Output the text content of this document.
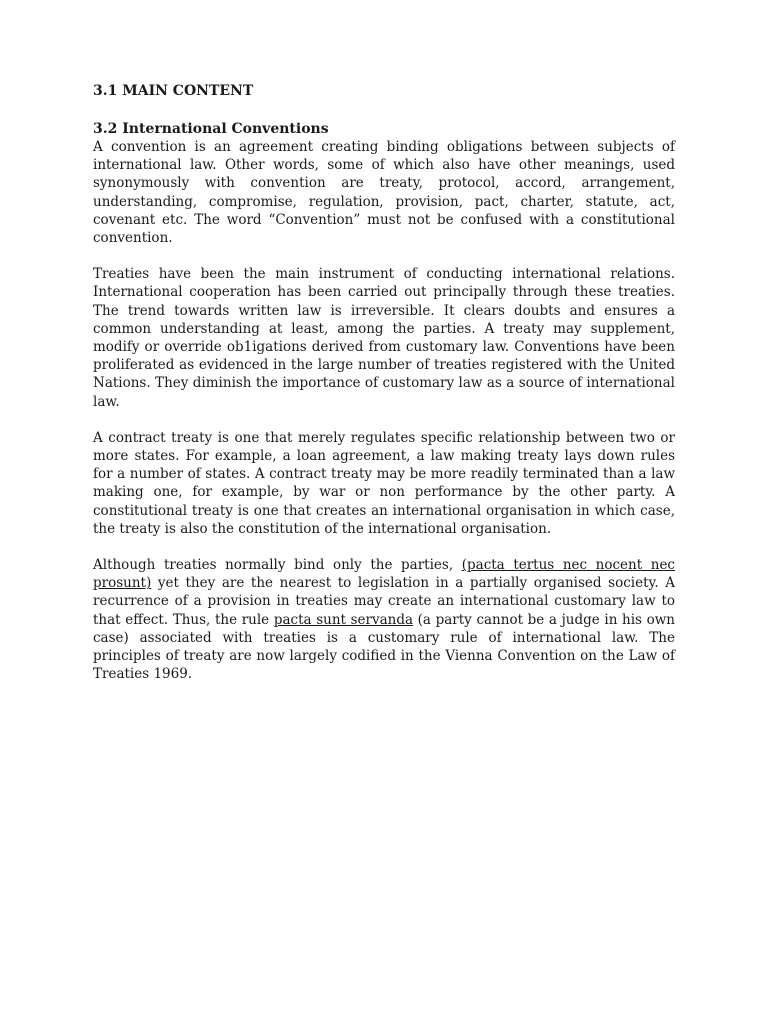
3.1 MAIN CONTENT

3.2 International Conventions

A convention is an agreement creating binding obligations between subjects of international law. Other words, some of which also have other meanings, used synonymously with convention are treaty, protocol, accord, arrangement, understanding, compromise, regulation, provision, pact, charter, statute, act, covenant etc. The word “Convention” must not be confused with a constitutional convention.

Treaties have been the main instrument of conducting international relations. International cooperation has been carried out principally through these treaties. The trend towards written law is irreversible. It clears doubts and ensures a common understanding at least, among the parties. A treaty may supplement, modify or override ob1igations derived from customary law. Conventions have been proliferated as evidenced in the large number of treaties registered with the United Nations. They diminish the importance of customary law as a source of international law.

A contract treaty is one that merely regulates specific relationship between two or more states. For example, a loan agreement, a law making treaty lays down rules for a number of states. A contract treaty may be more readily terminated than a law making one, for example, by war or non performance by the other party. A constitutional treaty is one that creates an international organisation in which case, the treaty is also the constitution of the international organisation.

Although treaties normally bind only the parties, (pacta tertus nec nocent nec prosunt) yet they are the nearest to legislation in a partially organised society. A recurrence of a provision in treaties may create an international customary law to that effect. Thus, the rule pacta sunt servanda (a party cannot be a judge in his own case) associated with treaties is a customary rule of international law. The principles of treaty are now largely codified in the Vienna Convention on the Law of Treaties 1969.
